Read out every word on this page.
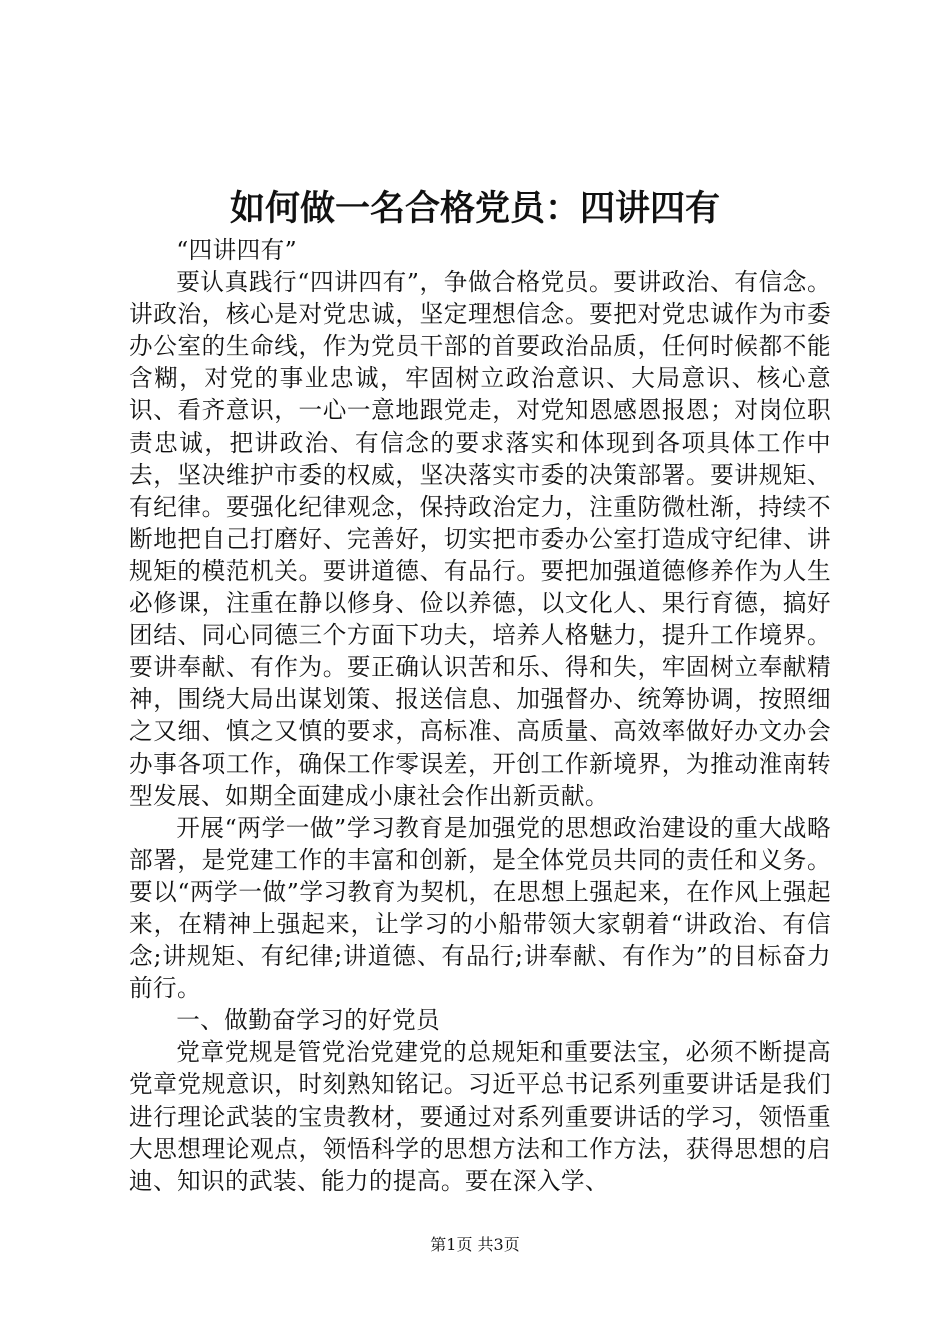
如何做一名合格党员：四讲四有

“四讲四有”

要认真践行“四讲四有”，争做合格党员。要讲政治、有信念。讲政治，核心是对党忠诚，坚定理想信念。要把对党忠诚作为市委办公室的生命线，作为党员干部的首要政治品质，任何时候都不能含糊，对党的事业忠诚，牢固树立政治意识、大局意识、核心意识、看齐意识，一心一意地跟党走，对党知恩感恩报恩；对岗位职责忠诚，把讲政治、有信念的要求落实和体现到各项具体工作中去，坚决维护市委的权威，坚决落实市委的决策部署。要讲规矩、有纪律。要强化纪律观念，保持政治定力，注重防微杜渐，持续不断地把自己打磨好、完善好，切实把市委办公室打造成守纪律、讲规矩的模范机关。要讲道德、有品行。要把加强道德修养作为人生必修课，注重在静以修身、俭以养德，以文化人、果行育德，搞好团结、同心同德三个方面下功夫，培养人格魅力，提升工作境界。要讲奉献、有作为。要正确认识苦和乐、得和失，牢固树立奉献精神，围绕大局出谋划策、报送信息、加强督办、统筹协调，按照细之又细、慎之又慎的要求，高标准、高质量、高效率做好办文办会办事各项工作，确保工作零误差，开创工作新境界，为推动淮南转型发展、如期全面建成小康社会作出新贡献。

开展“两学一做”学习教育是加强党的思想政治建设的重大战略部署，是党建工作的丰富和创新，是全体党员共同的责任和义务。要以“两学一做”学习教育为契机，在思想上强起来，在作风上强起来，在精神上强起来，让学习的小船带领大家朝着“讲政治、有信念;讲规矩、有纪律;讲道德、有品行;讲奉献、有作为”的目标奋力前行。

一、做勤奋学习的好党员

党章党规是管党治党建党的总规矩和重要法宝，必须不断提高党章党规意识，时刻熟知铭记。习近平总书记系列重要讲话是我们进行理论武装的宝贵教材，要通过对系列重要讲话的学习，领悟重大思想理论观点，领悟科学的思想方法和工作方法，获得思想的启迪、知识的武装、能力的提高。要在深入学、

第1页 共3页
